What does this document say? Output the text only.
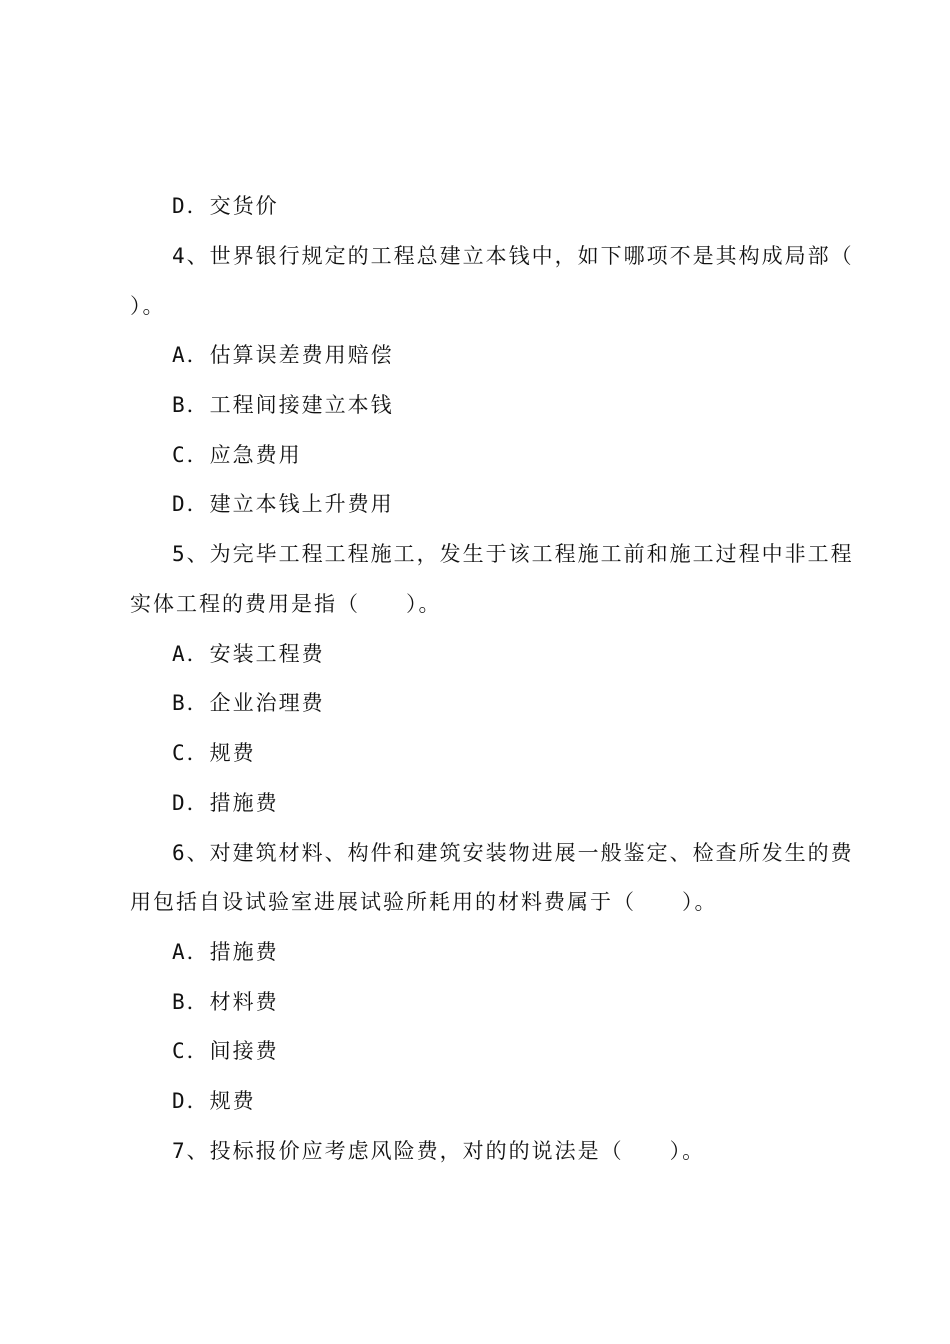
D．交货价
4、世界银行规定的工程总建立本钱中，如下哪项不是其构成局部（
）。
A．估算误差费用赔偿
B．工程间接建立本钱
C．应急费用
D．建立本钱上升费用
5、为完毕工程工程施工，发生于该工程施工前和施工过程中非工程
实体工程的费用是指（　　）。
A．安装工程费
B．企业治理费
C．规费
D．措施费
6、对建筑材料、构件和建筑安装物进展一般鉴定、检查所发生的费
用包括自设试验室进展试验所耗用的材料费属于（　　）。
A．措施费
B．材料费
C．间接费
D．规费
7、投标报价应考虑风险费，对的的说法是（　　）。
